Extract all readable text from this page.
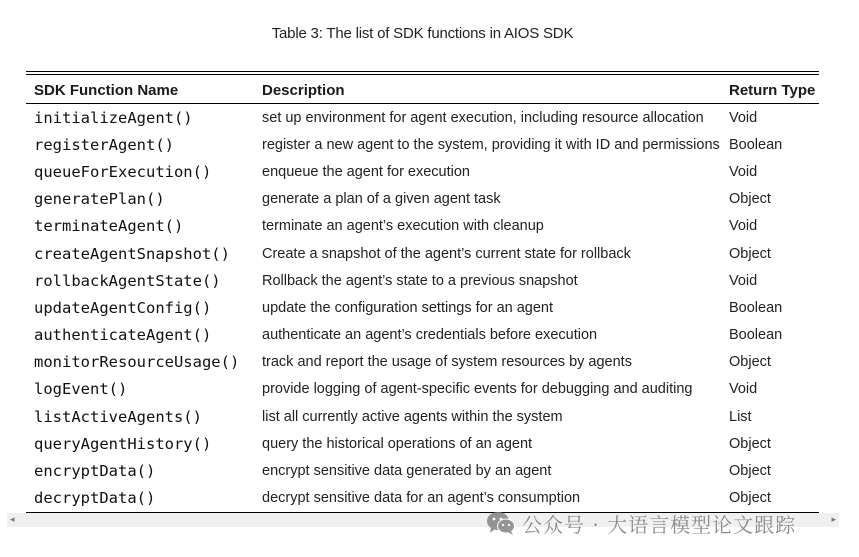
Table 3: The list of SDK functions in AIOS SDK
SDK Function Name	Description	Return Type
initializeAgent()	set up environment for agent execution, including resource allocation	Void
registerAgent()	register a new agent to the system, providing it with ID and permissions	Boolean
queueForExecution()	enqueue the agent for execution	Void
generatePlan()	generate a plan of a given agent task	Object
terminateAgent()	terminate an agent’s execution with cleanup	Void
createAgentSnapshot()	Create a snapshot of the agent’s current state for rollback	Object
rollbackAgentState()	Rollback the agent’s state to a previous snapshot	Void
updateAgentConfig()	update the configuration settings for an agent	Boolean
authenticateAgent()	authenticate an agent’s credentials before execution	Boolean
monitorResourceUsage()	track and report the usage of system resources by agents	Object
logEvent()	provide logging of agent-specific events for debugging and auditing	Void
listActiveAgents()	list all currently active agents within the system	List
queryAgentHistory()	query the historical operations of an agent	Object
encryptData()	encrypt sensitive data generated by an agent	Object
decryptData()	decrypt sensitive data for an agent’s consumption	Object
◂	▸
公众号 · 大语言模型论文跟踪
